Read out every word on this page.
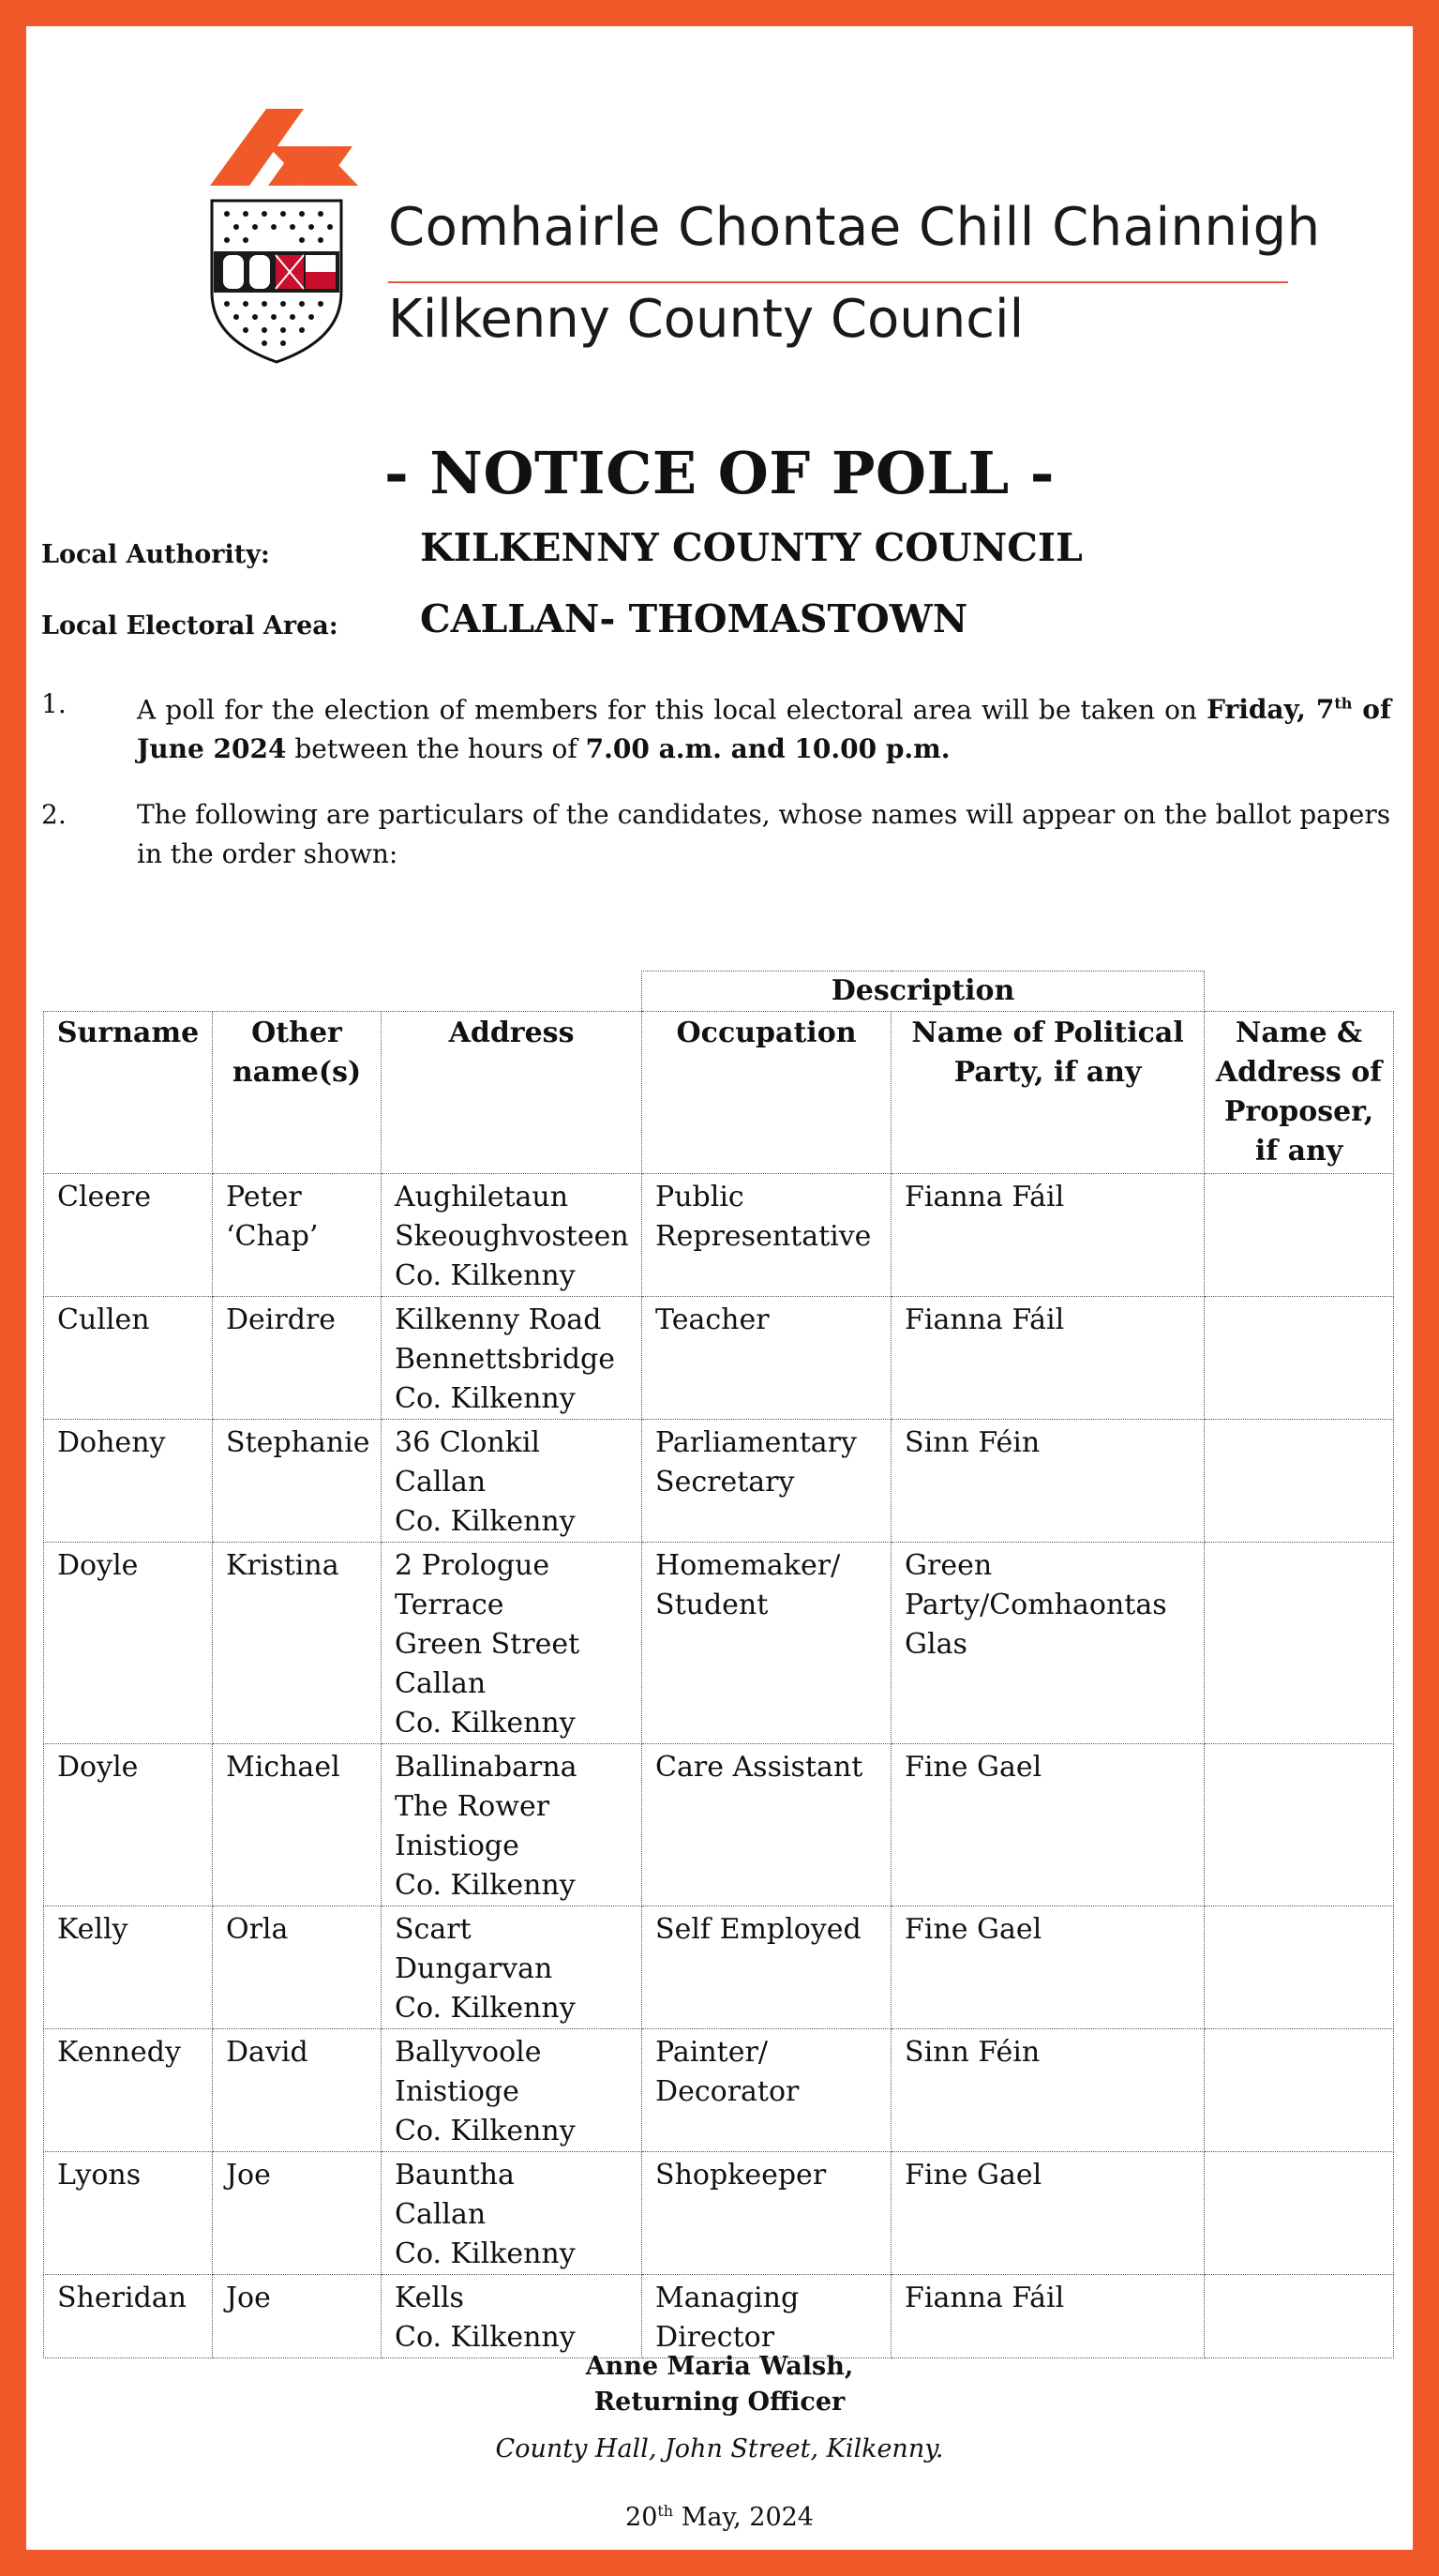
Comhairle Chontae Chill Chainnigh
Kilkenny County Council
- NOTICE OF POLL -
Local Authority:	KILKENNY COUNTY COUNCIL
Local Electoral Area: CALLAN- THOMASTOWN
1.	A poll for the election of members for this local electoral area will be taken on Friday, 7th of June 2024 between the hours of 7.00 a.m. and 10.00 p.m.
2.	The following are particulars of the candidates, whose names will appear on the ballot papers in the order shown:
			Description		
Surname	Other name(s)	Address	Occupation	Name of Political Party, if any	Name & Address of Proposer, if any
Cleere	Peter ‘Chap’	Aughiletaun
Skeoughvosteen
Co. Kilkenny	Public Representative	Fianna Fáil	
Cullen	Deirdre	Kilkenny Road
Bennettsbridge
Co. Kilkenny	Teacher	Fianna Fáil	
Doheny	Stephanie	36 Clonkil
Callan
Co. Kilkenny	Parliamentary Secretary	Sinn Féin	
Doyle	Kristina	2 Prologue
Terrace
Green Street
Callan
Co. Kilkenny	Homemaker/ Student	Green Party/Comhaontas Glas	
Doyle	Michael	Ballinabarna
The Rower
Inistioge
Co. Kilkenny	Care Assistant	Fine Gael	
Kelly	Orla	Scart
Dungarvan
Co. Kilkenny	Self Employed	Fine Gael	
Kennedy	David	Ballyvoole
Inistioge
Co. Kilkenny	Painter/ Decorator	Sinn Féin	
Lyons	Joe	Bauntha
Callan
Co. Kilkenny	Shopkeeper	Fine Gael	
Sheridan	Joe	Kells
Co. Kilkenny	Managing Director	Fianna Fáil	
Anne Maria Walsh,
Returning Officer
County Hall, John Street, Kilkenny.
20th May, 2024
